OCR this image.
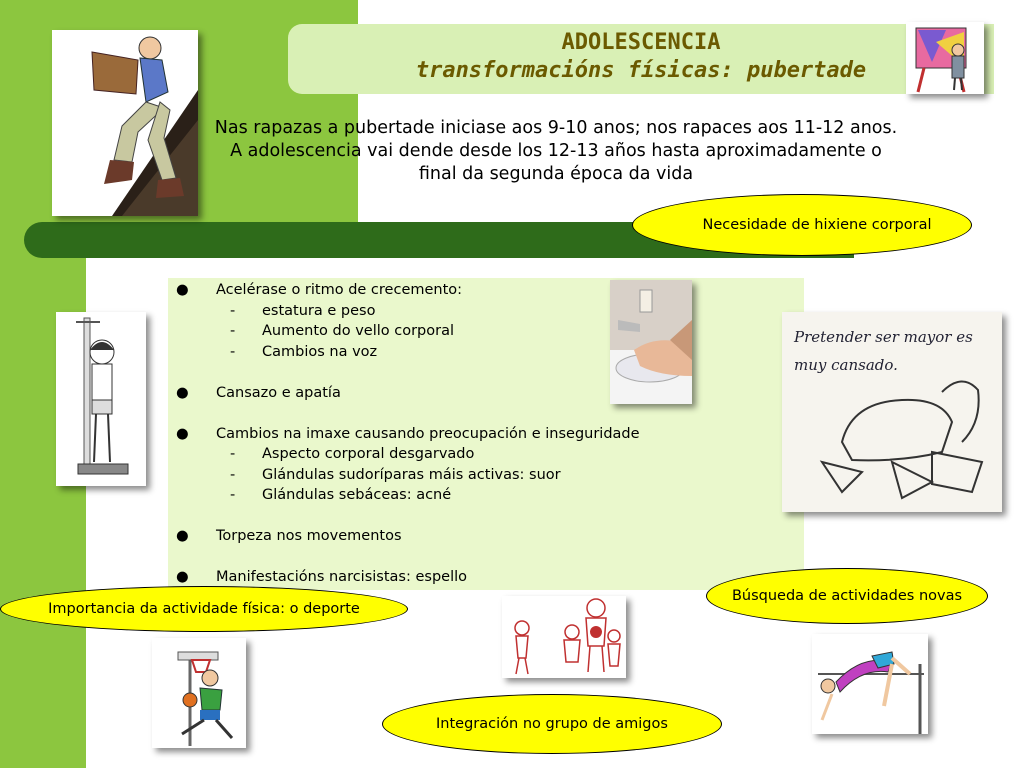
ADOLESCENCIA
transformacións físicas: pubertade
Nas rapazas a pubertade iniciase aos 9-10 anos; nos rapaces aos 11-12 anos.
A adolescencia vai dende desde los 12-13 años hasta aproximadamente o
final da segunda época da vida
● Acelérase o ritmo de crecemento:
- estatura e peso
- Aumento do vello corporal
- Cambios na voz
● Cansazo e apatía
● Cambios na imaxe causando preocupación e inseguridade
- Aspecto corporal desgarvado
- Glándulas sudoríparas máis activas: suor
- Glándulas sebáceas: acné
● Torpeza nos movementos
● Manifestacións narcisistas: espello
Necesidade de hixiene corporal
Búsqueda de actividades novas
Importancia da actividade física: o deporte
Integración no grupo de amigos
Pretender ser mayor es
muy cansado.
